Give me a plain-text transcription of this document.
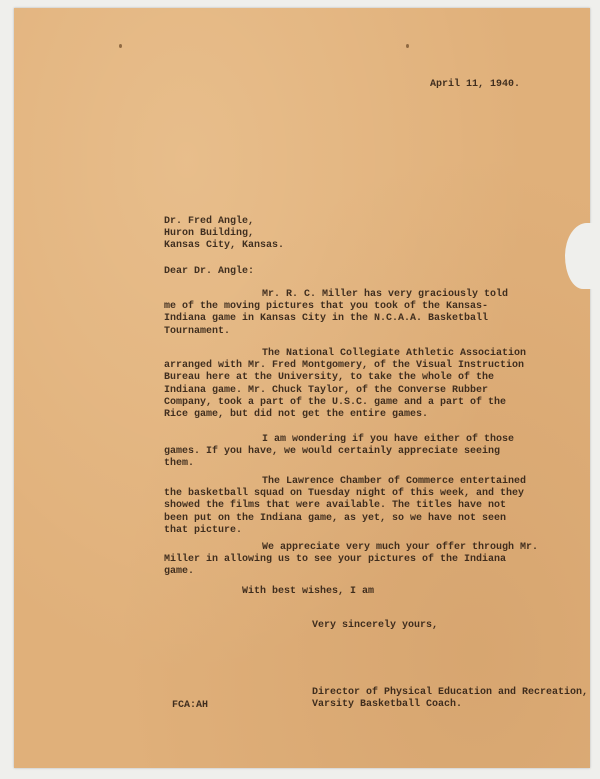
April 11, 1940.
Dr. Fred Angle,
Huron Building,
Kansas City, Kansas.
Dear Dr. Angle:
Mr. R. C. Miller has very graciously told
me of the moving pictures that you took of the Kansas-
Indiana game in Kansas City in the N.C.A.A. Basketball
Tournament.
The National Collegiate Athletic Association
arranged with Mr. Fred Montgomery, of the Visual Instruction
Bureau here at the University, to take the whole of the
Indiana game. Mr. Chuck Taylor, of the Converse Rubber
Company, took a part of the U.S.C. game and a part of the
Rice game, but did not get the entire games.
I am wondering if you have either of those
games. If you have, we would certainly appreciate seeing
them.
The Lawrence Chamber of Commerce entertained
the basketball squad on Tuesday night of this week, and they
showed the films that were available. The titles have not
been put on the Indiana game, as yet, so we have not seen
that picture.
We appreciate very much your offer through Mr.
Miller in allowing us to see your pictures of the Indiana
game.
With best wishes, I am
Very sincerely yours,
FCA:AH
Director of Physical Education and Recreation,
Varsity Basketball Coach.
